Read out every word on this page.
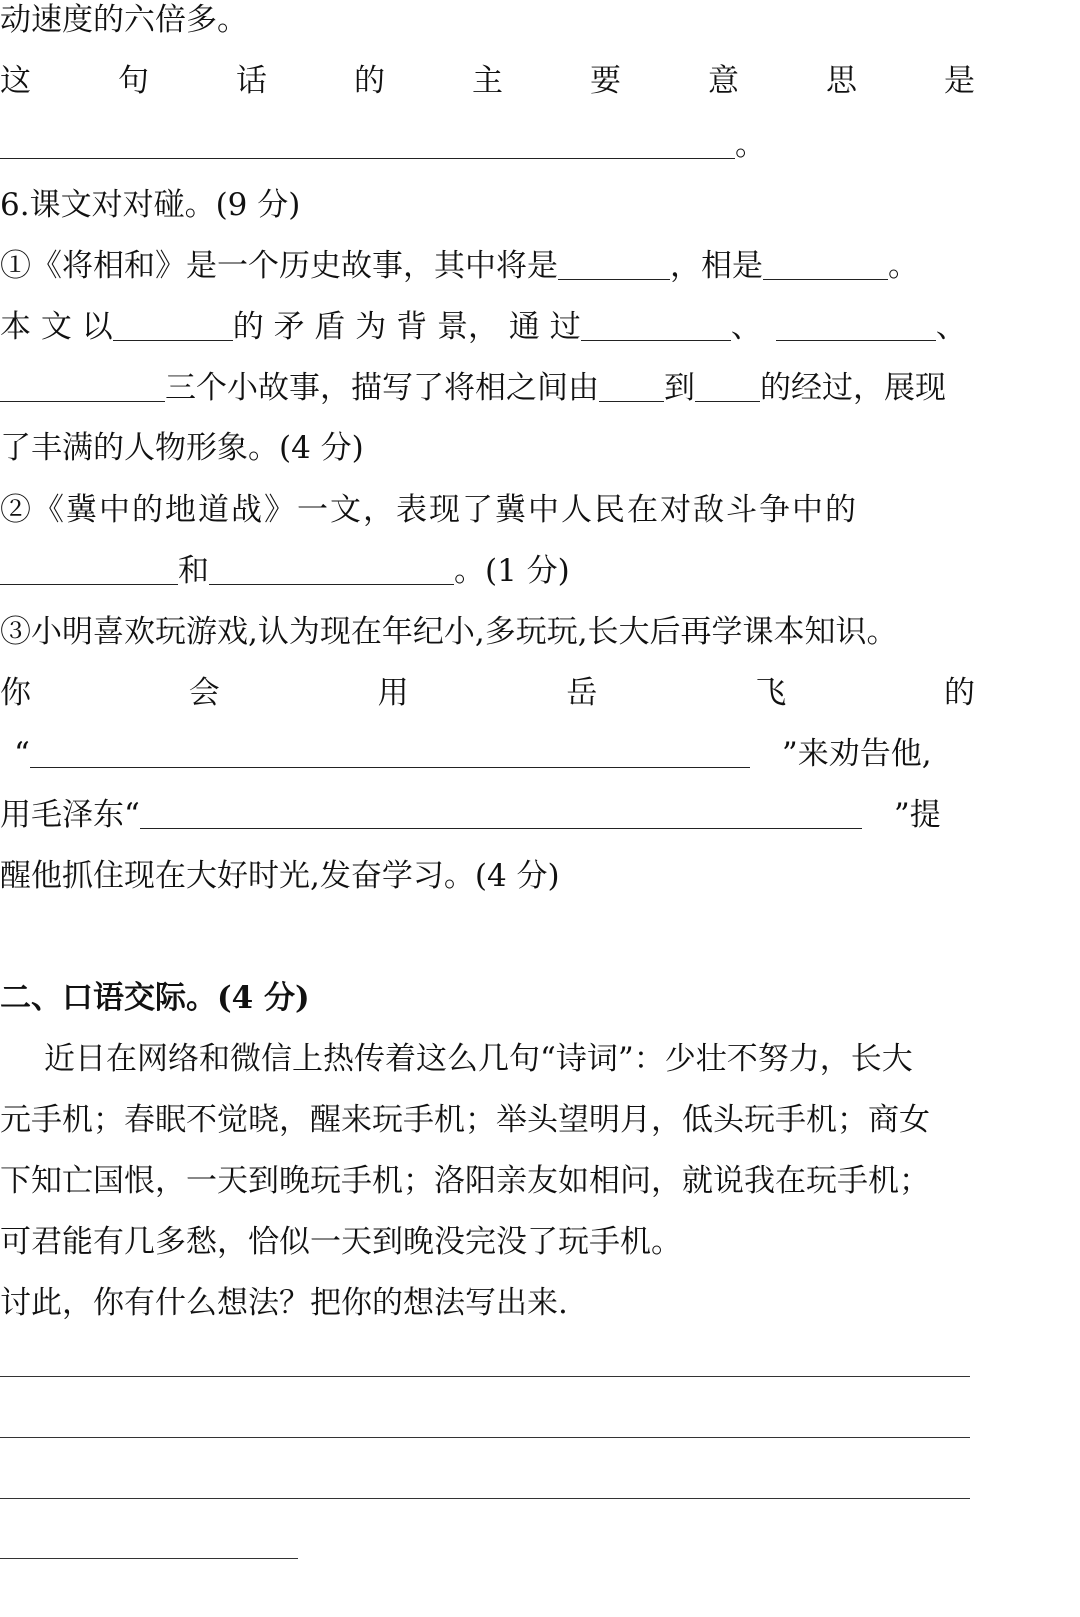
动速度的六倍多。
这	句	话	的	主	要	意	思	是
。
6.课文对对碰。(9 分)
①《将相和》是一个历史故事，其中将是	，相是	。
本 文 以	的 矛 盾 为 背 景， 通 过	、	、
三个小故事，描写了将相之间由 到 的经过，展现
了丰满的人物形象。(4 分)
②《冀中的地道战》一文，表现了冀中人民在对敌斗争中的
和	。(1 分)
③小明喜欢玩游戏,认为现在年纪小,多玩玩,长大后再学课本知识。
你	会	用	岳	飞	的
“	”来劝告他,
用毛泽东“	”提
醒他抓住现在大好时光,发奋学习。(4 分)
二、口语交际。(4 分)
近日在网络和微信上热传着这么几句“诗词”：少壮不努力，长大
元手机；春眠不觉晓，醒来玩手机；举头望明月，低头玩手机；商女
下知亡国恨，一天到晚玩手机；洛阳亲友如相问，就说我在玩手机；
可君能有几多愁，恰似一天到晚没完没了玩手机。
讨此，你有什么想法？把你的想法写出来.
